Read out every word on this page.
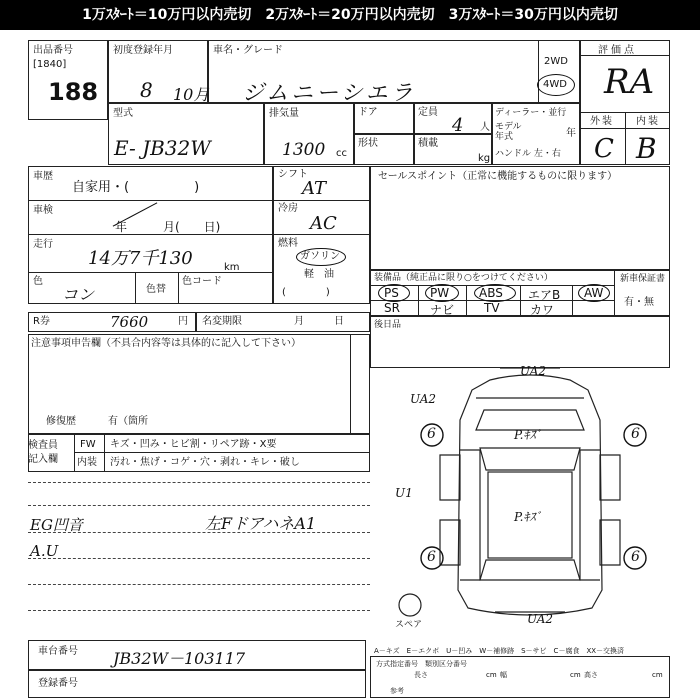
1万ｽﾀｰﾄ＝10万円以内売切　2万ｽﾀｰﾄ＝20万円以内売切　3万ｽﾀｰﾄ＝30万円以内売切
出品番号
[1840]
188
初度登録年月
8 10月
車名・グレード
ジムニーシエラ
2WD
4WD
評価点
RA
外装 内装
C B
型式
E- JB32W
排気量
1300 cc
ドア	定員
4 人
形状	積載
kg
ディーラー・並行
モデル
年式	年
ハンドル 左・右
車歴
自家用・(　　　　　)
車検
年　　　月(　　日)
走行
14万7千130	km
色
コン	色替
色コード
シフト
AT
冷房
AC
燃料
ガソリン
軽　油
(　　　　)
セールスポイント（正常に機能するものに限ります）
装備品（純正品に限り○をつけてください）	新車保証書
有・無
PS	PW ABS エアB AW
SR	ナビ TV	カワ
R券	7660	円 名変期限	月　　　日	後日品
注意事項申告欄（不具合内容等は具体的に記入して下さい）
修復歴	有（箇所
検査員
記入欄
FW キズ・凹み・ヒビ割・リペア跡・X要
内装 汚れ・焦げ・コゲ・穴・剥れ・キレ・破し
EG凹音
A.U
左FドアハネA1
UA2
UA2
UA2
U1
P.ｷｽﾞ
P.ｷｽﾞ
6	6
6	6
スペア
A－キズ　E－エクボ　U－凹み　W－補修跡　S－サビ　C－腐食　XX－交換済
車台番号 JB32W－103117
登録番号
方式指定番号　類別区分番号
長さ	cm 幅	cm 高さ	cm
参考
